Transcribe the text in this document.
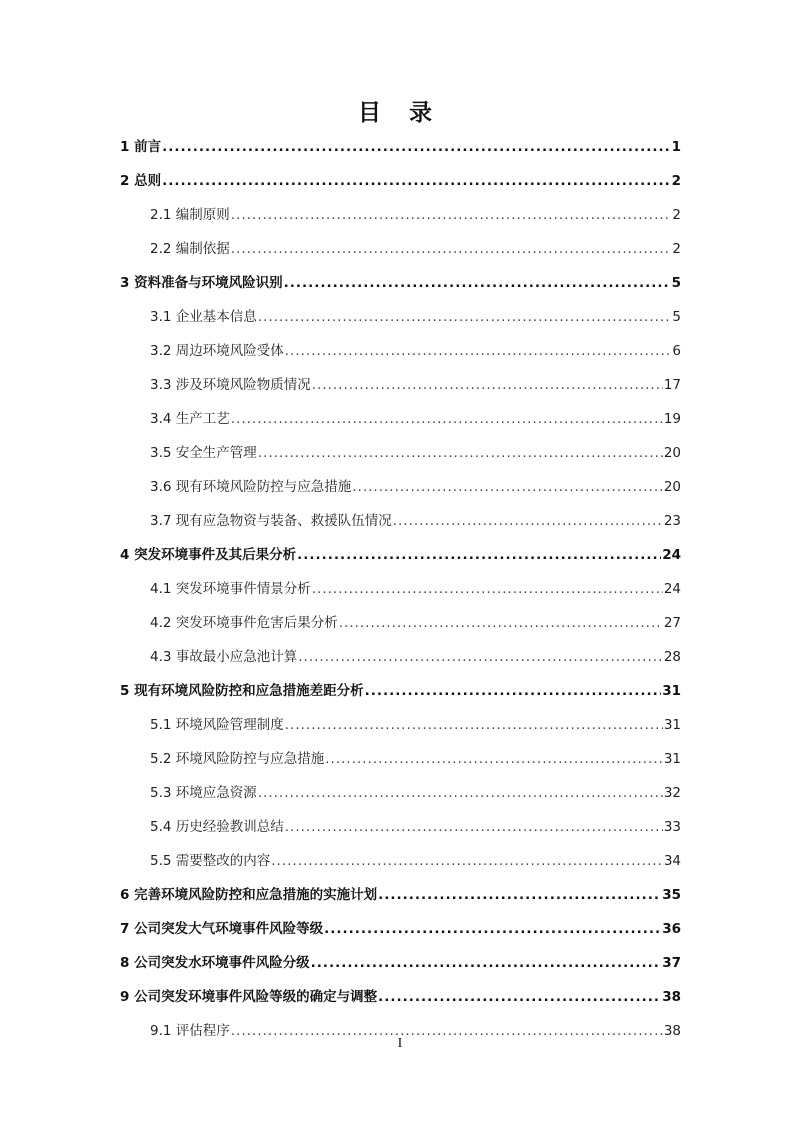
目 录
1 前言 .....	1
2 总则 .....	2
2.1 编制原则 .....	2
2.2 编制依据 .....	2
3 资料准备与环境风险识别 .....	5
3.1 企业基本信息 .....	5
3.2 周边环境风险受体 .....	6
3.3 涉及环境风险物质情况 .....	17
3.4 生产工艺 .....	19
3.5 安全生产管理 .....	20
3.6 现有环境风险防控与应急措施 .....	20
3.7 现有应急物资与装备、救援队伍情况 .....	23
4 突发环境事件及其后果分析 .....	24
4.1 突发环境事件情景分析 .....	24
4.2 突发环境事件危害后果分析 .....	27
4.3 事故最小应急池计算 .....	28
5 现有环境风险防控和应急措施差距分析 .....	31
5.1 环境风险管理制度 .....	31
5.2 环境风险防控与应急措施 .....	31
5.3 环境应急资源 .....	32
5.4 历史经验教训总结 .....	33
5.5 需要整改的内容 .....	34
6 完善环境风险防控和应急措施的实施计划 .....	35
7 公司突发大气环境事件风险等级 .....	36
8 公司突发水环境事件风险分级 .....	37
9 公司突发环境事件风险等级的确定与调整 .....	38
9.1 评估程序 .....	38
I
